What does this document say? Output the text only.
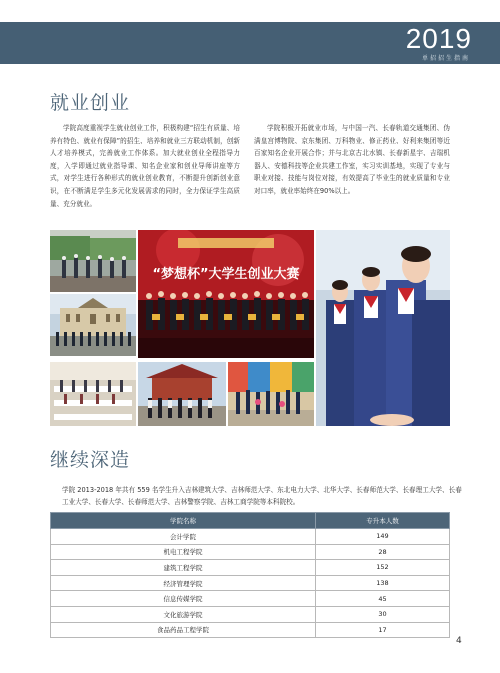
2019
单招招生指南
就业创业

学院高度重视学生就业创业工作，积极构建“招生有质量、培养有特色、就业有保障”的招生、培养和就业三方联动机制，创新人才培养模式，完善就业工作体系。加大就业创业全程指导力度，入学即通过就业指导课、知名企业家和创业导师讲座等方式，对学生进行各种形式的就业创业教育，不断提升创新创业意识，在不断满足学生多元化发展需求的同时，全力保证学生高质量、充分就业。

学院积极开拓就业市场，与中国一汽、长春轨道交通集团、伪满皇宫博物院、京东集团、万科物业、修正药业、好利来集团等近百家知名企业开展合作；并与北京古北水镇、长春新星宇、吉瑞机器人、安德科技等企业共建工作室，实习实训基地，实现了专业与职业对接、技能与岗位对接，有效提高了毕业生的就业质量和专业对口率，就业率始终在90%以上。

“梦想杯”大学生创业大赛
继续深造

学院 2013-2018 年共有 559 名学生升入吉林建筑大学、吉林师范大学、东北电力大学、北华大学、长春师范大学、长春理工大学、长春工业大学、长春大学、长春师范大学、吉林警察学院、吉林工商学院等本科院校。

学院名称	专升本人数
会计学院	149
机电工程学院	28
建筑工程学院	152
经济管理学院	138
信息传媒学院	45
文化旅游学院	30
食品药品工程学院	17
4
